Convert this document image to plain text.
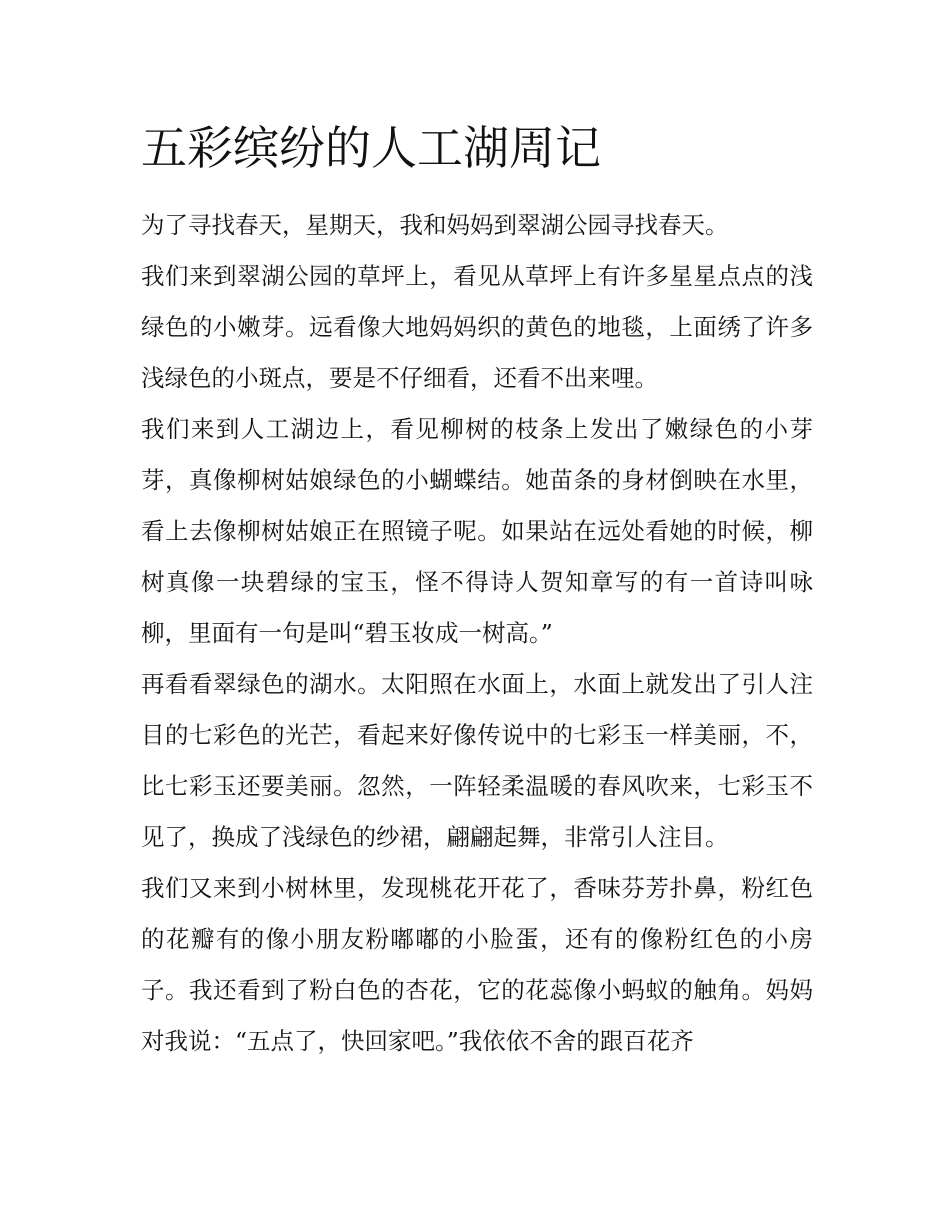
五彩缤纷的人工湖周记

为了寻找春天，星期天，我和妈妈到翠湖公园寻找春天。

我们来到翠湖公园的草坪上，看见从草坪上有许多星星点点的浅绿色的小嫩芽。远看像大地妈妈织的黄色的地毯，上面绣了许多浅绿色的小斑点，要是不仔细看，还看不出来哩。

我们来到人工湖边上，看见柳树的枝条上发出了嫩绿色的小芽芽，真像柳树姑娘绿色的小蝴蝶结。她苗条的身材倒映在水里，看上去像柳树姑娘正在照镜子呢。如果站在远处看她的时候，柳树真像一块碧绿的宝玉，怪不得诗人贺知章写的有一首诗叫咏柳，里面有一句是叫“碧玉妆成一树高。”

再看看翠绿色的湖水。太阳照在水面上，水面上就发出了引人注目的七彩色的光芒，看起来好像传说中的七彩玉一样美丽，不，比七彩玉还要美丽。忽然，一阵轻柔温暖的春风吹来，七彩玉不见了，换成了浅绿色的纱裙，翩翩起舞，非常引人注目。

我们又来到小树林里，发现桃花开花了，香味芬芳扑鼻，粉红色的花瓣有的像小朋友粉嘟嘟的小脸蛋，还有的像粉红色的小房子。我还看到了粉白色的杏花，它的花蕊像小蚂蚁的触角。妈妈对我说：“五点了，快回家吧。”我依依不舍的跟百花齐
